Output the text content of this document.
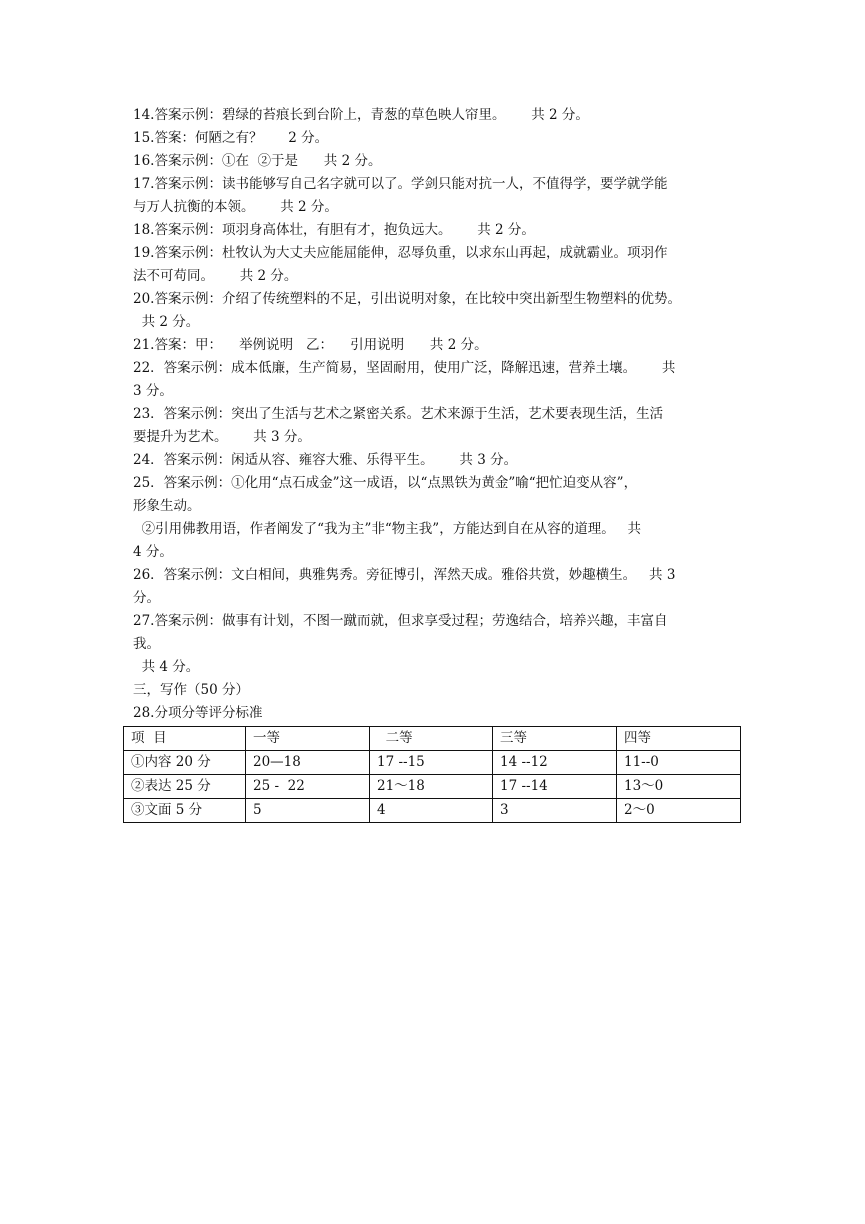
14.答案示例：碧绿的苔痕长到台阶上，青葱的草色映人帘里。      共 2 分。
15.答案：何陋之有？      2 分。
16.答案示例：①在  ②于是      共 2 分。
17.答案示例：读书能够写自己名字就可以了。学剑只能对抗一人，不值得学，要学就学能
与万人抗衡的本领。      共 2 分。
18.答案示例：项羽身高体壮，有胆有才，抱负远大。      共 2 分。
19.答案示例：杜牧认为大丈夫应能屈能伸，忍辱负重，以求东山再起，成就霸业。项羽作
法不可苟同。      共 2 分。
20.答案示例：介绍了传统塑料的不足，引出说明对象，在比较中突出新型生物塑料的优势。
共 2 分。
21.答案：甲：    举例说明   乙：    引用说明      共 2 分。
22．答案示例：成本低廉，生产简易，坚固耐用，使用广泛，降解迅速，营养土壤。      共
3 分。
23．答案示例：突出了生活与艺术之紧密关系。艺术来源于生活，艺术要表现生活，生活
要提升为艺术。      共 3 分。
24．答案示例：闲适从容、雍容大雅、乐得平生。      共 3 分。
25．答案示例：①化用“点石成金”这一成语，以“点黑铁为黄金”喻“把忙迫变从容”，
形象生动。
②引用佛教用语，作者阐发了“我为主”非“物主我”，方能达到自在从容的道理。   共
4 分。
26．答案示例：文白相间，典雅隽秀。旁征博引，浑然天成。雅俗共赏，妙趣横生。   共 3
分。
27.答案示例：做事有计划，不图一蹴而就，但求享受过程；劳逸结合，培养兴趣，丰富自
我。
共 4 分。
三，写作（50 分）
28.分项分等评分标准
项  目	一等	二等	三等	四等
①内容 20 分	20—18	17 --15	14 --12	11--0
②表达 25 分	25 -  22	21～18	17 --14	13～0
③文面 5 分	5	4	3	2～0
